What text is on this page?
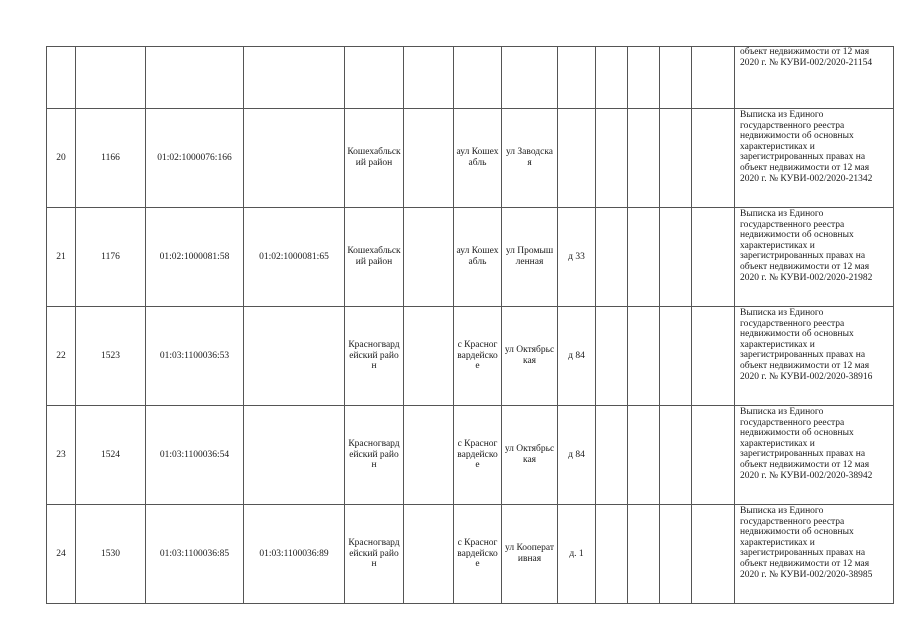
													объект недвижимости от 12 мая 2020 г. № КУВИ-002/2020-21154
20	1166	01:02:1000076:166		Кошехабльский район		аул Кошехабль	ул Заводская						Выписка из Единого государственного реестра недвижимости об основных характеристиках и зарегистрированных правах на объект недвижимости от 12 мая 2020 г. № КУВИ-002/2020-21342
21	1176	01:02:1000081:58	01:02:1000081:65	Кошехабльский район		аул Кошехабль	ул Промышленная	д 33					Выписка из Единого государственного реестра недвижимости об основных характеристиках и зарегистрированных правах на объект недвижимости от 12 мая 2020 г. № КУВИ-002/2020-21982
22	1523	01:03:1100036:53		Красногвардейский район		с Красногвардейское	ул Октябрьская	д 84					Выписка из Единого государственного реестра недвижимости об основных характеристиках и зарегистрированных правах на объект недвижимости от 12 мая 2020 г. № КУВИ-002/2020-38916
23	1524	01:03:1100036:54		Красногвардейский район		с Красногвардейское	ул Октябрьская	д 84					Выписка из Единого государственного реестра недвижимости об основных характеристиках и зарегистрированных правах на объект недвижимости от 12 мая 2020 г. № КУВИ-002/2020-38942
24	1530	01:03:1100036:85	01:03:1100036:89	Красногвардейский район		с Красногвардейское	ул Кооперативная	д. 1					Выписка из Единого государственного реестра недвижимости об основных характеристиках и зарегистрированных правах на объект недвижимости от 12 мая 2020 г. № КУВИ-002/2020-38985
